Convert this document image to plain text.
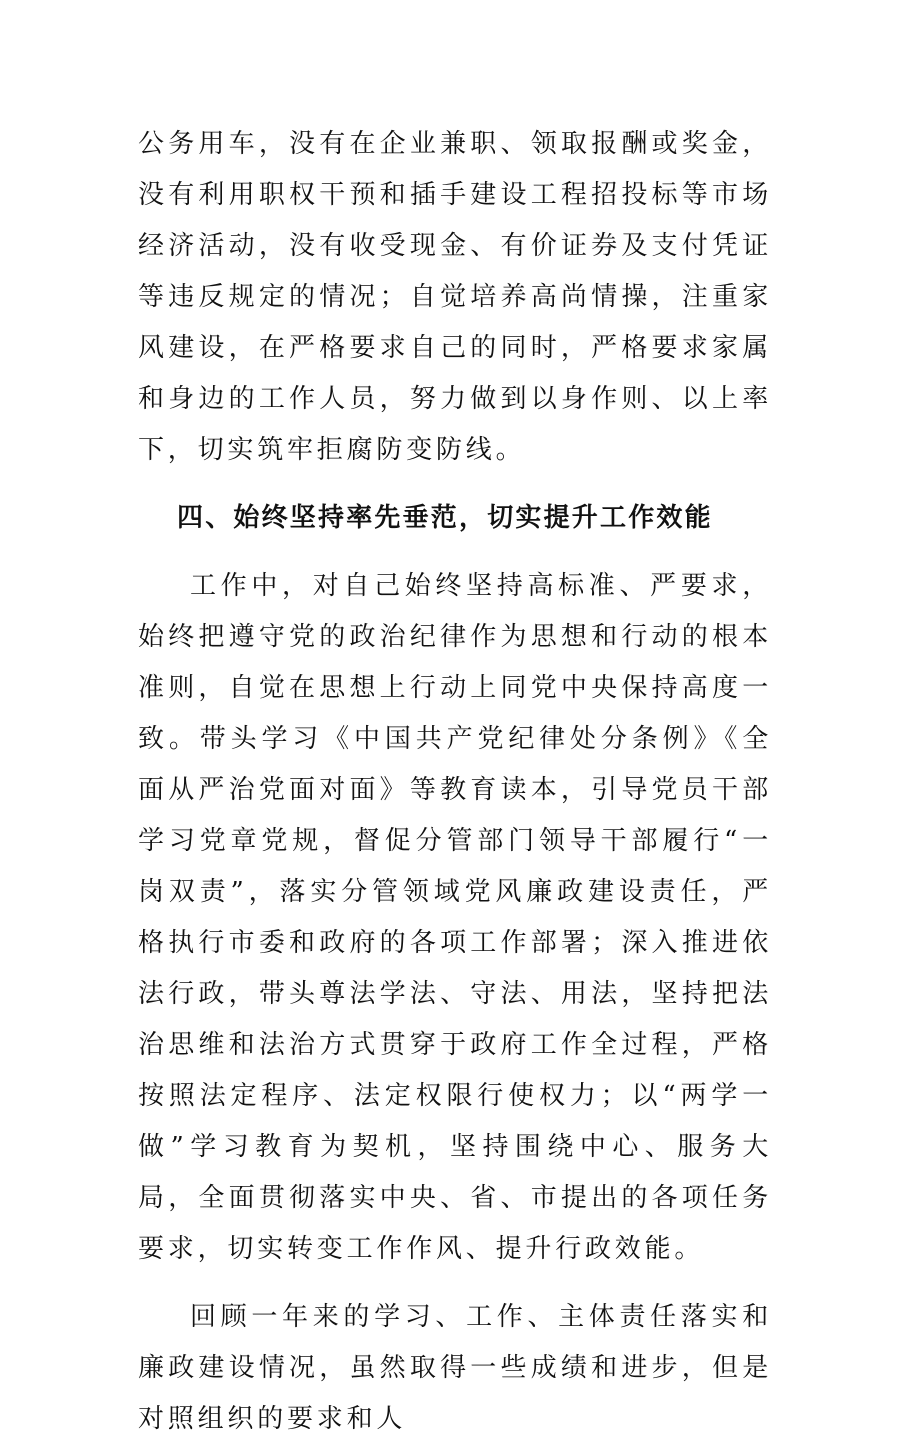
公务用车，没有在企业兼职、领取报酬或奖金，没有利用职权干预和插手建设工程招投标等市场经济活动，没有收受现金、有价证券及支付凭证等违反规定的情况；自觉培养高尚情操，注重家风建设，在严格要求自己的同时，严格要求家属和身边的工作人员，努力做到以身作则、以上率下，切实筑牢拒腐防变防线。

四、始终坚持率先垂范，切实提升工作效能

工作中，对自己始终坚持高标准、严要求，始终把遵守党的政治纪律作为思想和行动的根本准则，自觉在思想上行动上同党中央保持高度一致。带头学习《中国共产党纪律处分条例》《全面从严治党面对面》等教育读本，引导党员干部学习党章党规，督促分管部门领导干部履行“一岗双责”，落实分管领域党风廉政建设责任，严格执行市委和政府的各项工作部署；深入推进依法行政，带头尊法学法、守法、用法，坚持把法治思维和法治方式贯穿于政府工作全过程，严格按照法定程序、法定权限行使权力；以“两学一做”学习教育为契机，坚持围绕中心、服务大局，全面贯彻落实中央、省、市提出的各项任务要求，切实转变工作作风、提升行政效能。

回顾一年来的学习、工作、主体责任落实和廉政建设情况，虽然取得一些成绩和进步，但是对照组织的要求和人
